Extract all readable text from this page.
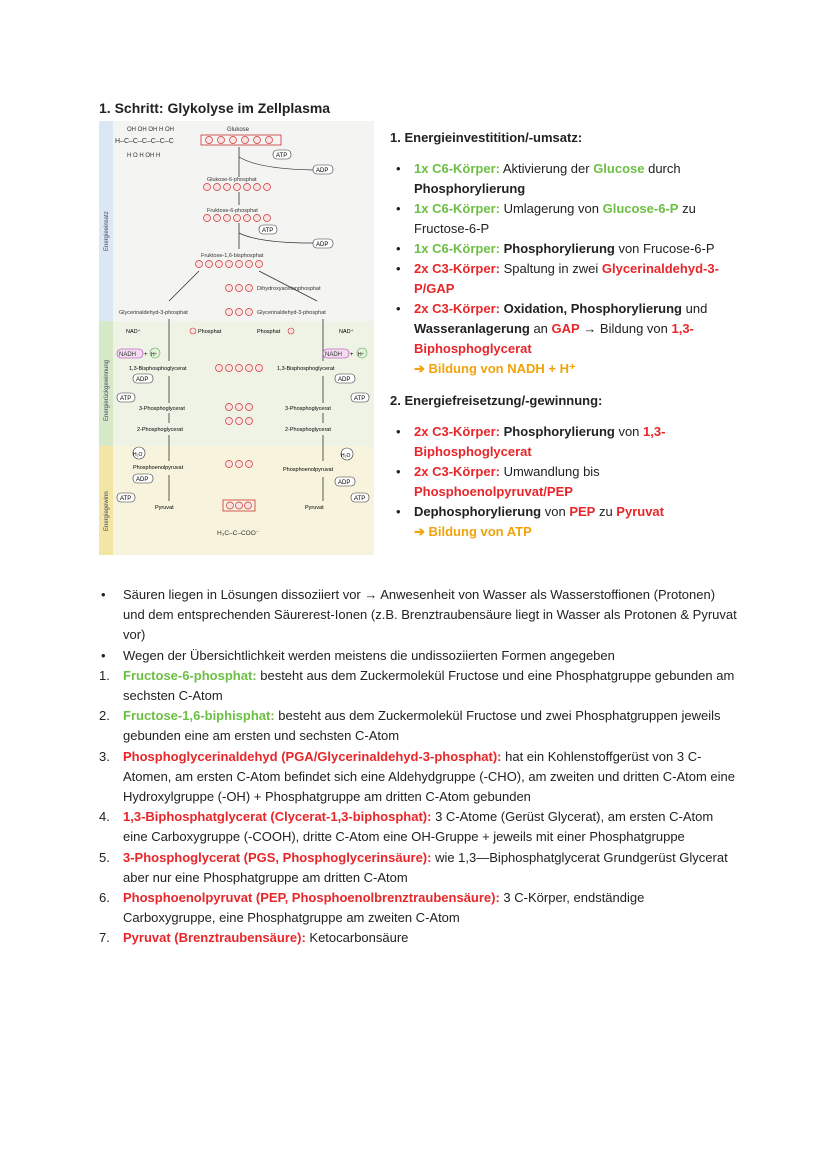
1. Schritt: Glykolyse im Zellplasma
Energieeinsatz
Energierückgewinnung
Energiegewinn
OH OH OH H OH
H–C–C–C–C–C–C
H O H OH H
Glukose
ATP
ADP
Glukose-6-phosphat
Fruktose-6-phosphat
ATP
ADP
Fruktose-1,6-bisphosphat
Dihydroxyacetonphosphat
Glycerinaldehyd-3-phosphat	Glycerinaldehyd-3-phosphat
NAD⁺	NAD⁺
Phosphat	Phosphat
NADH + H⁺	NADH + H⁺
1,3-Bisphosphoglycerat	1,3-Bisphosphoglycerat
ADP	ADP
ATP	ATP
3-Phosphoglycerat	3-Phosphoglycerat
2-Phosphoglycerat	2-Phosphoglycerat
H₂O	H₂O
Phosphoenolpyruvat	Phosphoenolpyruvat
ADP	ADP
ATP	ATP
Pyruvat	Pyruvat
H₃C–C–COO⁻
1. Energieinvestitition/-umsatz:
• 1x C6-Körper: Aktivierung der Glucose durch Phosphorylierung
• 1x C6-Körper: Umlagerung von Glucose-6-P zu Fructose-6-P
• 1x C6-Körper: Phosphorylierung von Frucose-6-P
• 2x C3-Körper: Spaltung in zwei Glycerinaldehyd-3-P/GAP
• 2x C3-Körper: Oxidation, Phosphorylierung und Wasseranlagerung an GAP → Bildung von 1,3-Biphosphoglycerat
➔ Bildung von NADH + H⁺
2. Energiefreisetzung/-gewinnung:
• 2x C3-Körper: Phosphorylierung von 1,3-Biphosphoglycerat
• 2x C3-Körper: Umwandlung bis Phosphoenolpyruvat/PEP
• Dephosphorylierung von PEP zu Pyruvat
➔ Bildung von ATP
•	Säuren liegen in Lösungen dissoziiert vor → Anwesenheit von Wasser als Wasserstoffionen (Protonen) und dem entsprechenden Säurerest-Ionen (z.B. Brenztraubensäure liegt in Wasser als Protonen & Pyruvat vor)
•	Wegen der Übersichtlichkeit werden meistens die undissoziierten Formen angegeben
1.	Fructose-6-phosphat: besteht aus dem Zuckermolekül Fructose und eine Phosphatgruppe gebunden am sechsten C-Atom
2.	Fructose-1,6-biphisphat: besteht aus dem Zuckermolekül Fructose und zwei Phosphatgruppen jeweils gebunden eine am ersten und sechsten C-Atom
3.	Phosphoglycerinaldehyd (PGA/Glycerinaldehyd-3-phosphat): hat ein Kohlenstoffgerüst von 3 C-Atomen, am ersten C-Atom befindet sich eine Aldehydgruppe (-CHO), am zweiten und dritten C-Atom eine Hydroxylgruppe (-OH) + Phosphatgruppe am dritten C-Atom gebunden
4.	1,3-Biphosphatglycerat (Clycerat-1,3-biphosphat): 3 C-Atome (Gerüst Glycerat), am ersten C-Atom eine Carboxygruppe (-COOH), dritte C-Atom eine OH-Gruppe + jeweils mit einer Phosphatgruppe
5.	3-Phosphoglycerat (PGS, Phosphoglycerinsäure): wie 1,3—Biphosphatglycerat Grundgerüst Glycerat aber nur eine Phosphatgruppe am dritten C-Atom
6.	Phosphoenolpyruvat (PEP, Phosphoenolbrenztraubensäure): 3 C-Körper, endständige Carboxygruppe, eine Phosphatgruppe am zweiten C-Atom
7.	Pyruvat (Brenztraubensäure): Ketocarbonsäure
